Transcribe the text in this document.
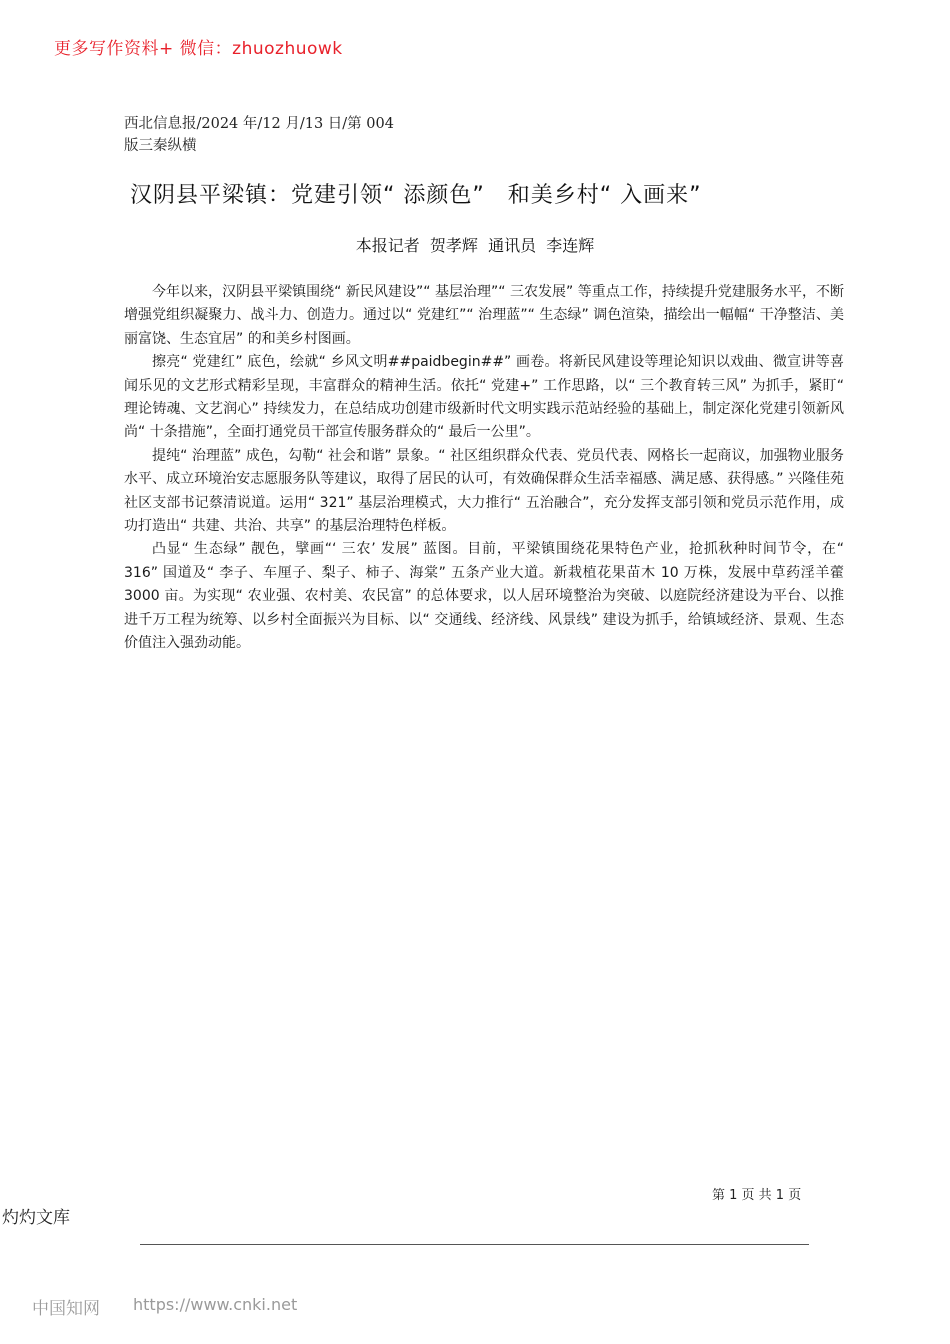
更多写作资料+ 微信：zhuozhuowk
西北信息报/2024 年/12 月/13 日/第 004
版三秦纵横
汉阴县平梁镇：党建引领“ 添颜色”　和美乡村“ 入画来”
本报记者  贺孝辉  通讯员  李连辉

今年以来，汉阴县平梁镇围绕“ 新民风建设”“ 基层治理”“ 三农发展” 等重点工作，持续提升党建服务水平，不断增强党组织凝聚力、战斗力、创造力。通过以“ 党建红”“ 治理蓝”“ 生态绿” 调色渲染，描绘出一幅幅“ 干净整洁、美丽富饶、生态宜居” 的和美乡村图画。

擦亮“ 党建红” 底色，绘就“ 乡风文明##paidbegin##” 画卷。将新民风建设等理论知识以戏曲、微宣讲等喜闻乐见的文艺形式精彩呈现，丰富群众的精神生活。依托“ 党建+” 工作思路，以“ 三个教育转三风” 为抓手，紧盯“ 理论铸魂、文艺润心” 持续发力，在总结成功创建市级新时代文明实践示范站经验的基础上，制定深化党建引领新风尚“ 十条措施”，全面打通党员干部宣传服务群众的“ 最后一公里”。

提纯“ 治理蓝” 成色，勾勒“ 社会和谐” 景象。“ 社区组织群众代表、党员代表、网格长一起商议，加强物业服务水平、成立环境治安志愿服务队等建议，取得了居民的认可，有效确保群众生活幸福感、满足感、获得感。” 兴隆佳苑社区支部书记蔡清说道。运用“ 321” 基层治理模式，大力推行“ 五治融合”，充分发挥支部引领和党员示范作用，成功打造出“ 共建、共治、共享” 的基层治理特色样板。

凸显“ 生态绿” 靓色，擘画“‘ 三农’ 发展” 蓝图。目前，平梁镇围绕花果特色产业，抢抓秋种时间节令，在“ 316” 国道及“ 李子、车厘子、梨子、柿子、海棠” 五条产业大道。新栽植花果苗木 10 万株，发展中草药淫羊藿 3000 亩。为实现“ 农业强、农村美、农民富” 的总体要求，以人居环境整治为突破、以庭院经济建设为平台、以推进千万工程为统筹、以乡村全面振兴为目标、以“ 交通线、经济线、风景线” 建设为抓手，给镇域经济、景观、生态价值注入强劲动能。

第 1 页 共 1 页
灼灼文库
中国知网 https://www.cnki.net
